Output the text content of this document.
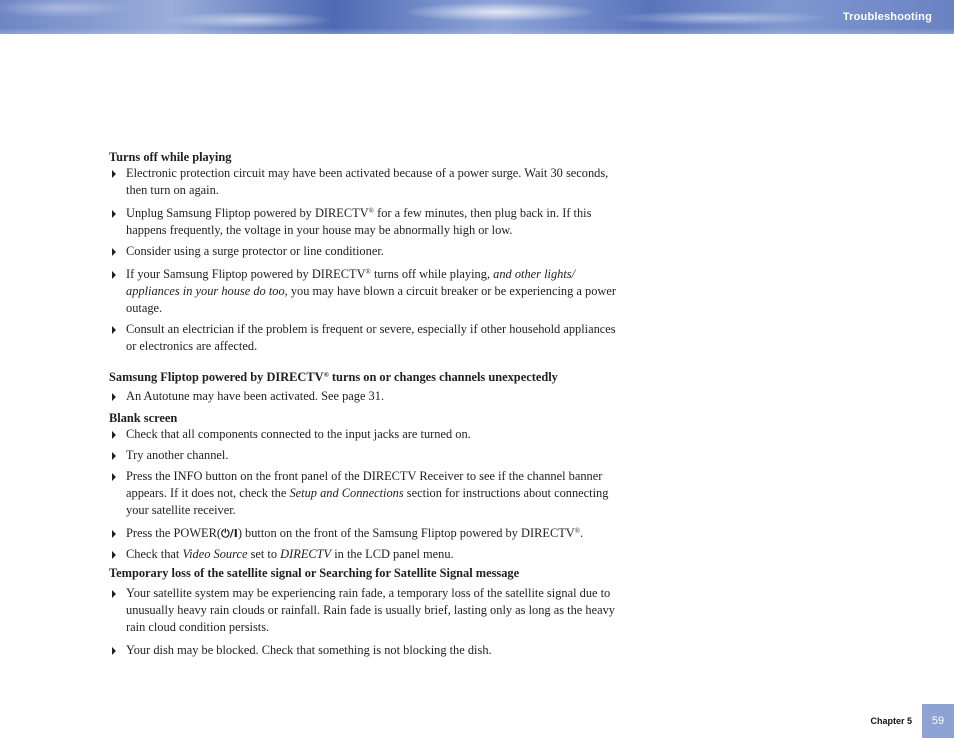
Troubleshooting
Turns off while playing
Electronic protection circuit may have been activated because of a power surge. Wait 30 seconds, then turn on again.
Unplug Samsung Fliptop powered by DIRECTV® for a few minutes, then plug back in. If this happens frequently, the voltage in your house may be abnormally high or low.
Consider using a surge protector or line conditioner.
If your Samsung Fliptop powered by DIRECTV® turns off while playing, and other lights/ appliances in your house do too, you may have blown a circuit breaker or be experiencing a power outage.
Consult an electrician if the problem is frequent or severe, especially if other household appliances or electronics are affected.
Samsung Fliptop powered by DIRECTV® turns on or changes channels unexpectedly
An Autotune may have been activated. See page 31.
Blank screen
Check that all components connected to the input jacks are turned on.
Try another channel.
Press the INFO button on the front panel of the DIRECTV Receiver to see if the channel banner appears. If it does not, check the Setup and Connections section for instructions about connecting your satellite receiver.
Press the POWER(⏻/I) button on the front of the Samsung Fliptop powered by DIRECTV®.
Check that Video Source set to DIRECTV in the LCD panel menu.
Temporary loss of the satellite signal or Searching for Satellite Signal message
Your satellite system may be experiencing rain fade, a temporary loss of the satellite signal due to unusually heavy rain clouds or rainfall. Rain fade is usually brief, lasting only as long as the heavy rain cloud condition persists.
Your dish may be blocked. Check that something is not blocking the dish.
Chapter 5	59
